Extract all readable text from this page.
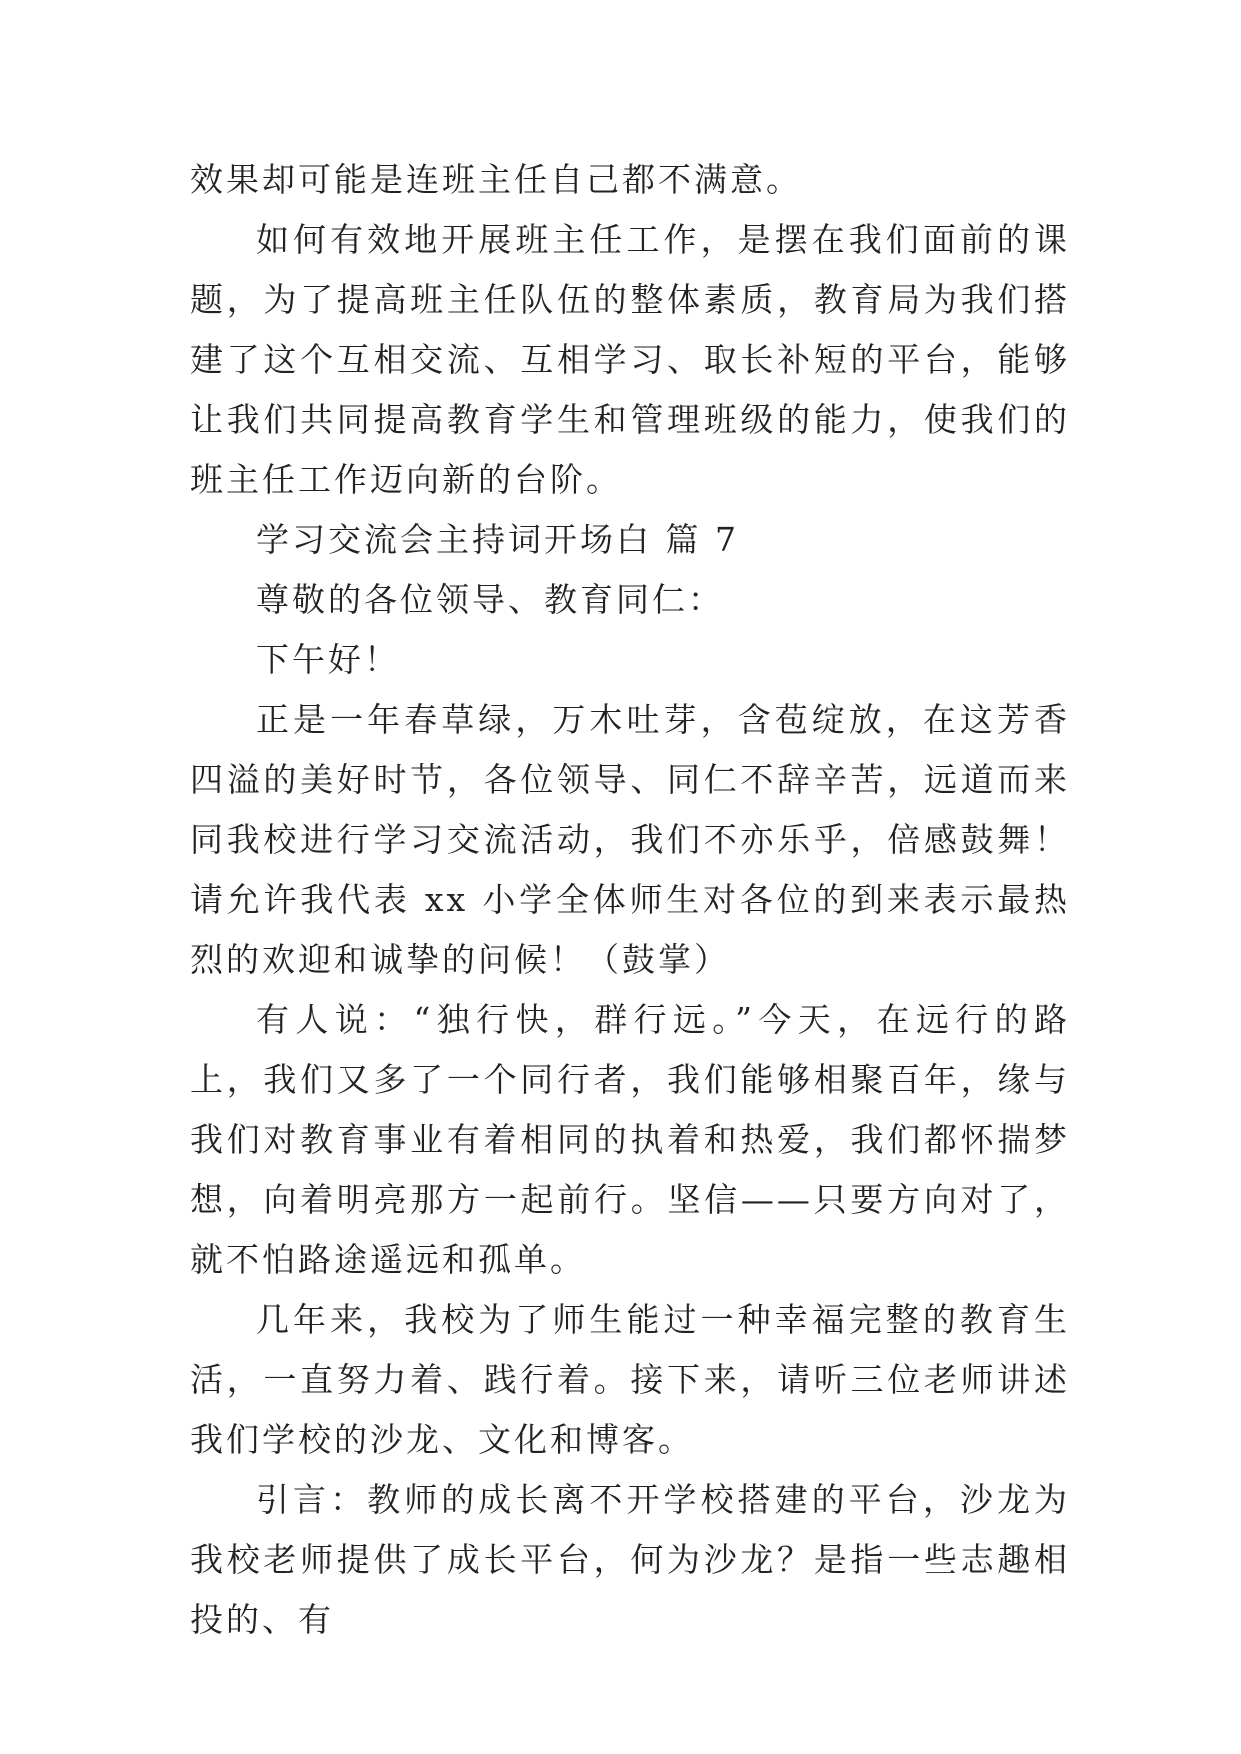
效果却可能是连班主任自己都不满意。

如何有效地开展班主任工作，是摆在我们面前的课题，为了提高班主任队伍的整体素质，教育局为我们搭建了这个互相交流、互相学习、取长补短的平台，能够让我们共同提高教育学生和管理班级的能力，使我们的班主任工作迈向新的台阶。

学习交流会主持词开场白 篇 7

尊敬的各位领导、教育同仁：

下午好！

正是一年春草绿，万木吐芽，含苞绽放，在这芳香四溢的美好时节，各位领导、同仁不辞辛苦，远道而来同我校进行学习交流活动，我们不亦乐乎，倍感鼓舞！请允许我代表 xx 小学全体师生对各位的到来表示最热烈的欢迎和诚挚的问候！（鼓掌）

有人说：“独行快，群行远。”今天，在远行的路上，我们又多了一个同行者，我们能够相聚百年，缘与我们对教育事业有着相同的执着和热爱，我们都怀揣梦想，向着明亮那方一起前行。坚信——只要方向对了，就不怕路途遥远和孤单。

几年来，我校为了师生能过一种幸福完整的教育生活，一直努力着、践行着。接下来，请听三位老师讲述我们学校的沙龙、文化和博客。

引言：教师的成长离不开学校搭建的平台，沙龙为我校老师提供了成长平台，何为沙龙？是指一些志趣相投的、有
